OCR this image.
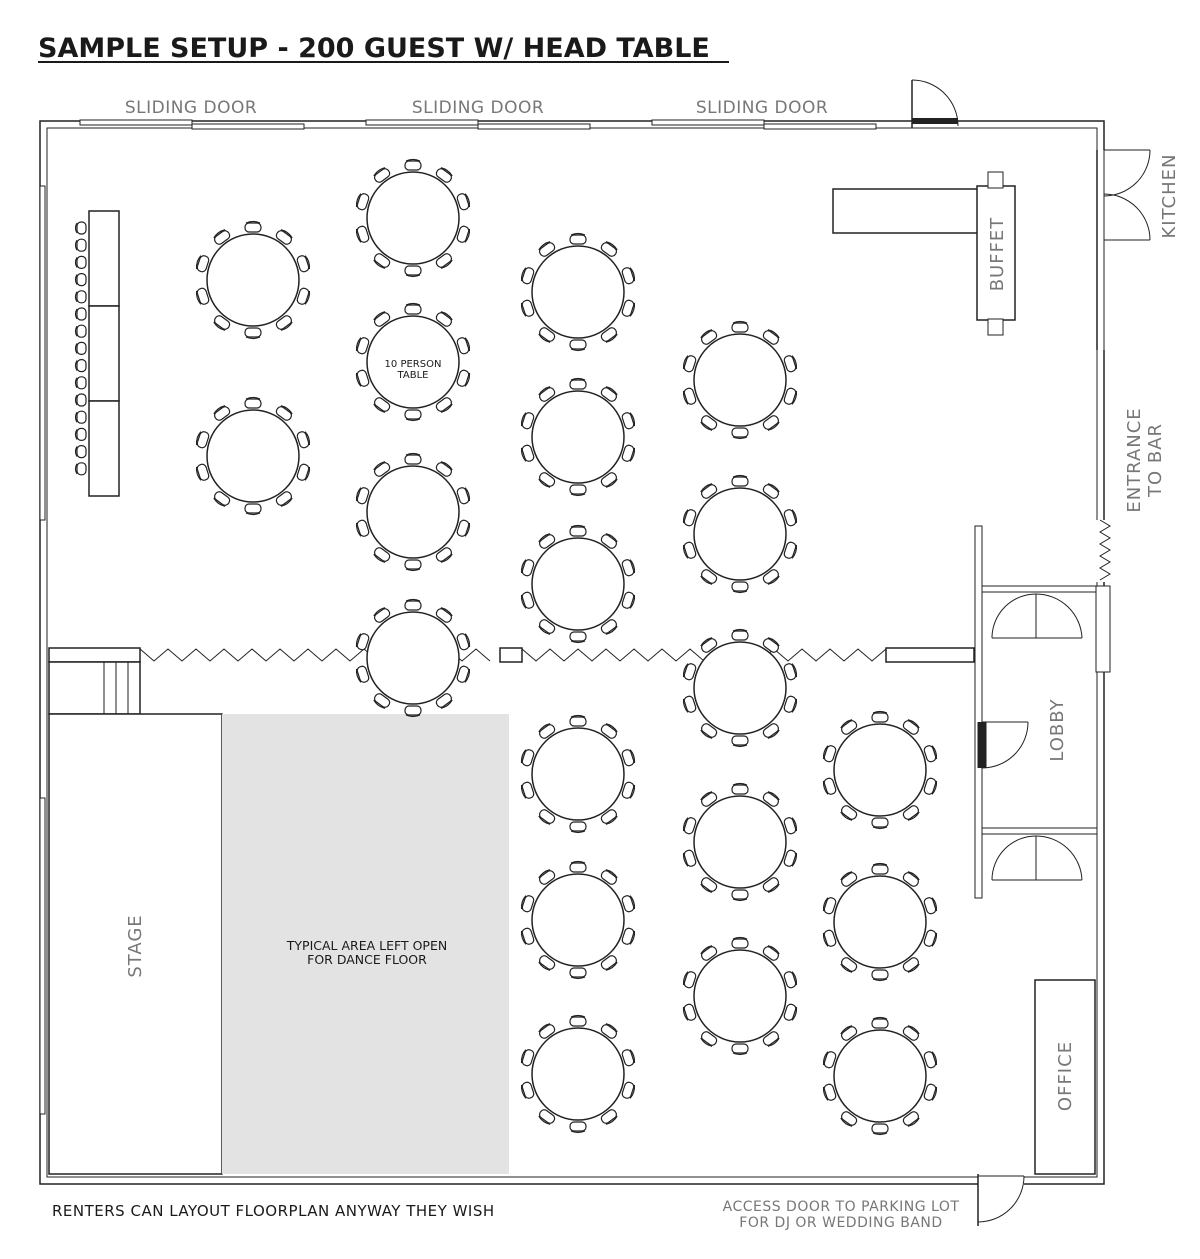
SAMPLE SETUP - 200 GUEST W/ HEAD TABLE
SLIDING DOOR	SLIDING DOOR	SLIDING DOOR
KITCHEN
BUFFET
ENTRANCE TO BAR
LOBBY
OFFICE
STAGE	TYPICAL AREA LEFT OPEN
FOR DANCE FLOOR
10 PERSON
TABLE
RENTERS CAN LAYOUT FLOORPLAN ANYWAY THEY WISH	ACCESS DOOR TO PARKING LOT
FOR DJ OR WEDDING BAND
